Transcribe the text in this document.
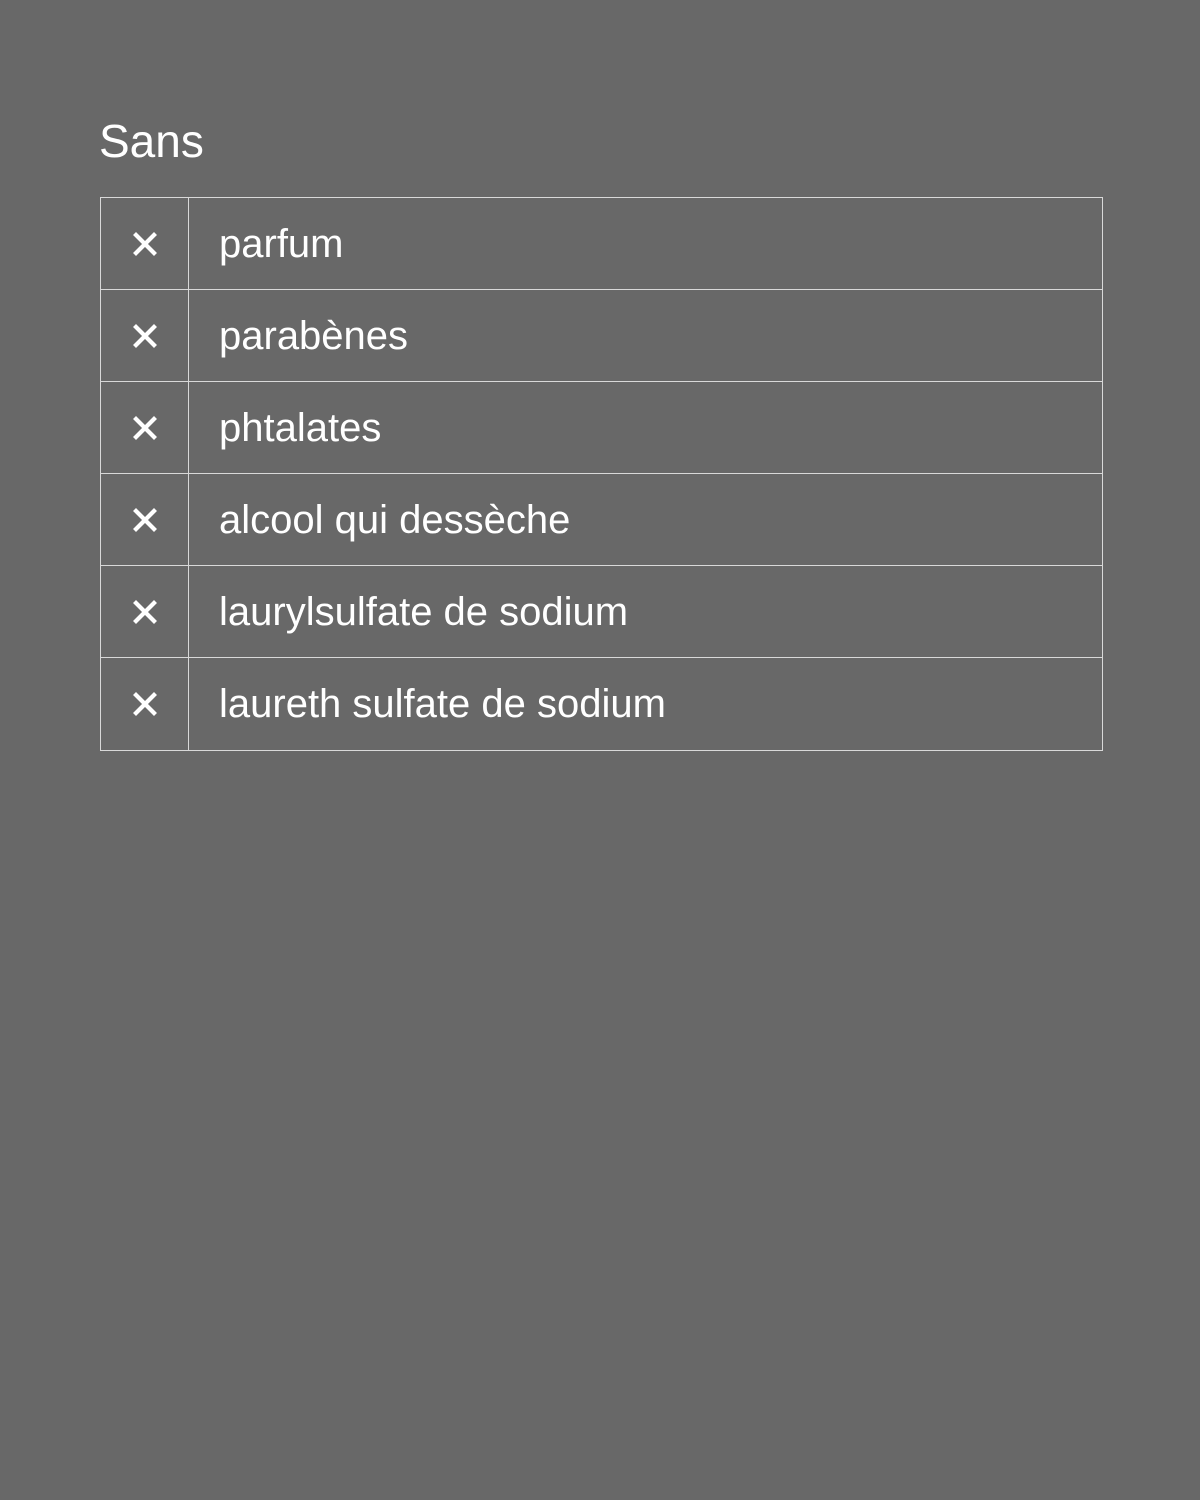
Sans
parfum
parabènes
phtalates
alcool qui dessèche
laurylsulfate de sodium
laureth sulfate de sodium
